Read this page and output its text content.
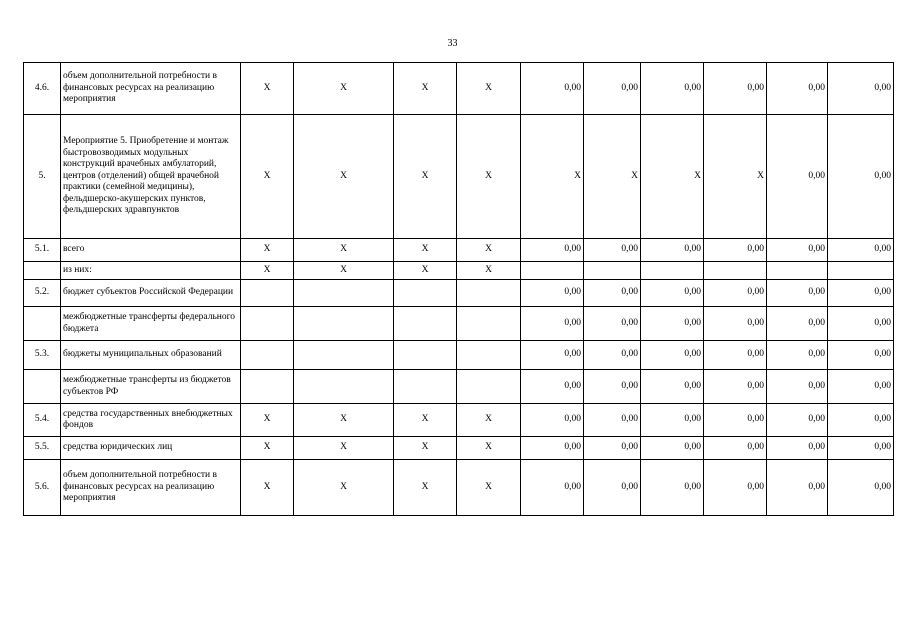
33
4.6.	объем дополнительной потребности в финансовых ресурсах на реализацию мероприятия	X	X	X	X	0,00	0,00	0,00	0,00	0,00	0,00
5.	Мероприятие 5. Приобретение и монтаж быстровозводимых модульных конструкций врачебных амбулаторий, центров (отделений) общей врачебной практики (семейной медицины), фельдшерско-акушерских пунктов, фельдшерских здравпунктов	X	X	X	X	X	X	X	X	0,00	0,00
5.1.	всего	X	X	X	X	0,00	0,00	0,00	0,00	0,00	0,00
	из них:	X	X	X	X						
5.2.	бюджет субъектов Российской Федерации					0,00	0,00	0,00	0,00	0,00	0,00
	межбюджетные трансферты федерального бюджета					0,00	0,00	0,00	0,00	0,00	0,00
5.3.	бюджеты муниципальных образований					0,00	0,00	0,00	0,00	0,00	0,00
	межбюджетные трансферты из бюджетов субъектов РФ					0,00	0,00	0,00	0,00	0,00	0,00
5.4.	средства государственных внебюджетных фондов	X	X	X	X	0,00	0,00	0,00	0,00	0,00	0,00
5.5.	средства юридических лиц	X	X	X	X	0,00	0,00	0,00	0,00	0,00	0,00
5.6.	объем дополнительной потребности в финансовых ресурсах на реализацию мероприятия	X	X	X	X	0,00	0,00	0,00	0,00	0,00	0,00
